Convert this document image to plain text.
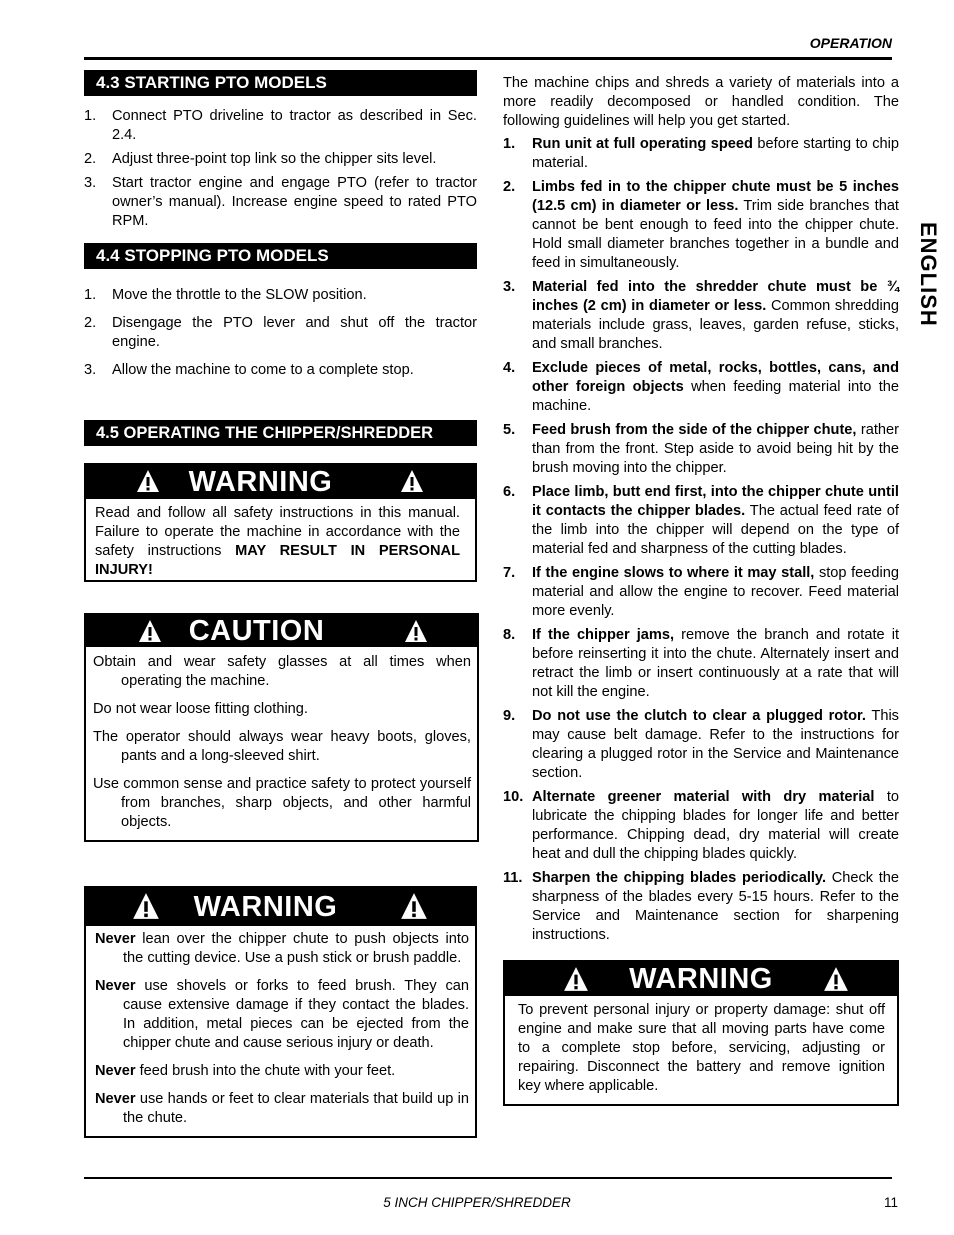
OPERATION
ENGLISH
4.3 STARTING PTO MODELS
1. Connect PTO driveline to tractor as described in Sec. 2.4.
2. Adjust three-point top link so the chipper sits level.
3. Start tractor engine and engage PTO (refer to tractor owner’s manual). Increase engine speed to rated PTO RPM.
4.4 STOPPING PTO MODELS
1. Move the throttle to the SLOW position.
2. Disengage the PTO lever and shut off the tractor engine.
3. Allow the machine to come to a complete stop.
4.5 OPERATING THE CHIPPER/SHREDDER
WARNING

Read and follow all safety instructions in this manual. Failure to operate the machine in accordance with the safety instructions MAY RESULT IN PERSONAL INJURY!

CAUTION

Obtain and wear safety glasses at all times when operating the machine.

Do not wear loose fitting clothing.

The operator should always wear heavy boots, gloves, pants and a long-sleeved shirt.

Use common sense and practice safety to protect yourself from branches, sharp objects, and other harmful objects.

WARNING

Never lean over the chipper chute to push objects into the cutting device. Use a push stick or brush paddle.

Never use shovels or forks to feed brush. They can cause extensive damage if they contact the blades. In addition, metal pieces can be ejected from the chipper chute and cause serious injury or death.

Never feed brush into the chute with your feet.

Never use hands or feet to clear materials that build up in the chute.

The machine chips and shreds a variety of materials into a more readily decomposed or handled condition. The following guidelines will help you get started.
1. Run unit at full operating speed before starting to chip material.
2. Limbs fed in to the chipper chute must be 5 inches (12.5 cm) in diameter or less. Trim side branches that cannot be bent enough to feed into the chipper chute. Hold small diameter branches together in a bundle and feed in simultaneously.
3. Material fed into the shredder chute must be ¾ inches (2 cm) in diameter or less. Common shredding materials include grass, leaves, garden refuse, sticks, and small branches.
4. Exclude pieces of metal, rocks, bottles, cans, and other foreign objects when feeding material into the machine.
5. Feed brush from the side of the chipper chute, rather than from the front. Step aside to avoid being hit by the brush moving into the chipper.
6. Place limb, butt end first, into the chipper chute until it contacts the chipper blades. The actual feed rate of the limb into the chipper will depend on the type of material fed and sharpness of the cutting blades.
7. If the engine slows to where it may stall, stop feeding material and allow the engine to recover. Feed material more evenly.
8. If the chipper jams, remove the branch and rotate it before reinserting it into the chute. Alternately insert and retract the limb or insert continuously at a rate that will not kill the engine.
9. Do not use the clutch to clear a plugged rotor. This may cause belt damage. Refer to the instructions for clearing a plugged rotor in the Service and Maintenance section.
10. Alternate greener material with dry material to lubricate the chipping blades for longer life and better performance. Chipping dead, dry material will create heat and dull the chipping blades quickly.
11. Sharpen the chipping blades periodically. Check the sharpness of the blades every 5-15 hours. Refer to the Service and Maintenance section for sharpening instructions.
WARNING

To prevent personal injury or property damage: shut off engine and make sure that all moving parts have come to a complete stop before, servicing, adjusting or repairing. Disconnect the battery and remove ignition key where applicable.

5 INCH CHIPPER/SHREDDER	11
